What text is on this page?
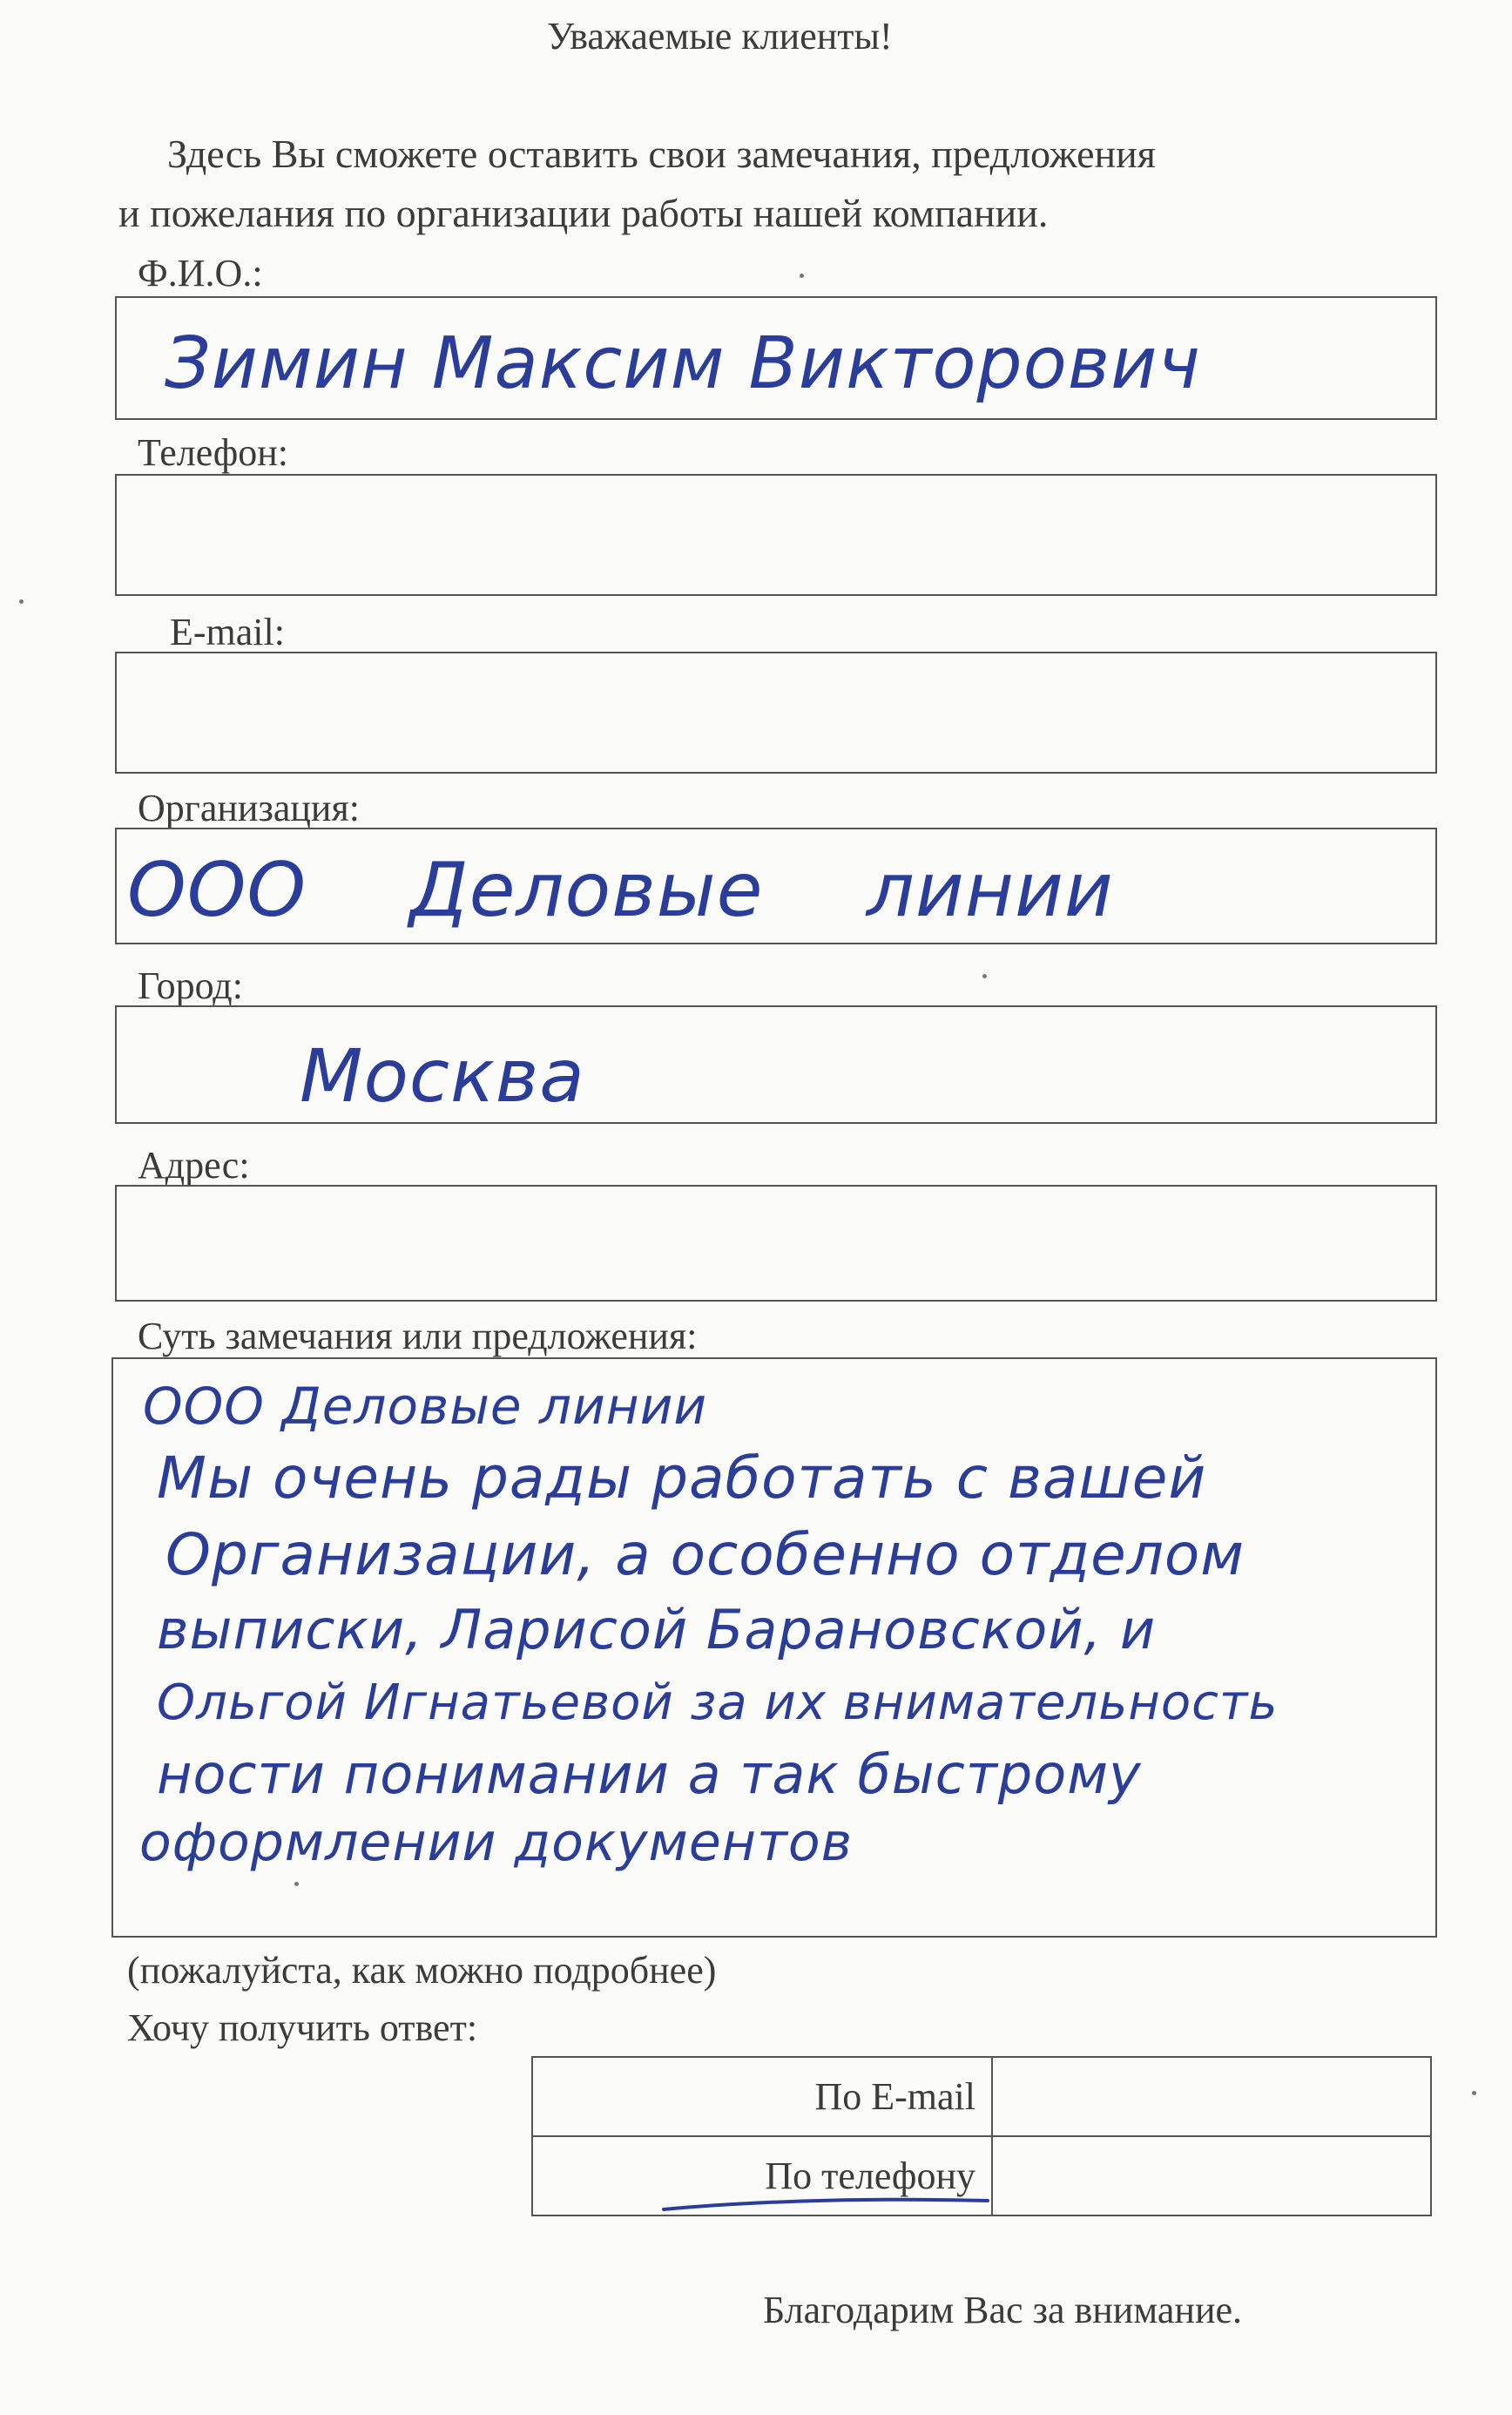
Уважаемые клиенты!
Здесь Вы сможете оставить свои замечания, предложения
и пожелания по организации работы нашей компании.
Ф.И.О.:
Зимин Максим Викторович
Телефон:
E-mail:
Организация:
ООО Деловые линии
Город:
Москва
Адрес:
Суть замечания или предложения:
ООО Деловые линии
Мы очень рады работать с вашей
Организации, а особенно отделом
выписки, Ларисой Барановской, и
Ольгой Игнатьевой за их внимательность
ности понимании а так быстрому
оформлении документов
(пожалуйста, как можно подробнее)
Хочу получить ответ:
По E-mail	
По телефону

Благодарим Вас за внимание.
